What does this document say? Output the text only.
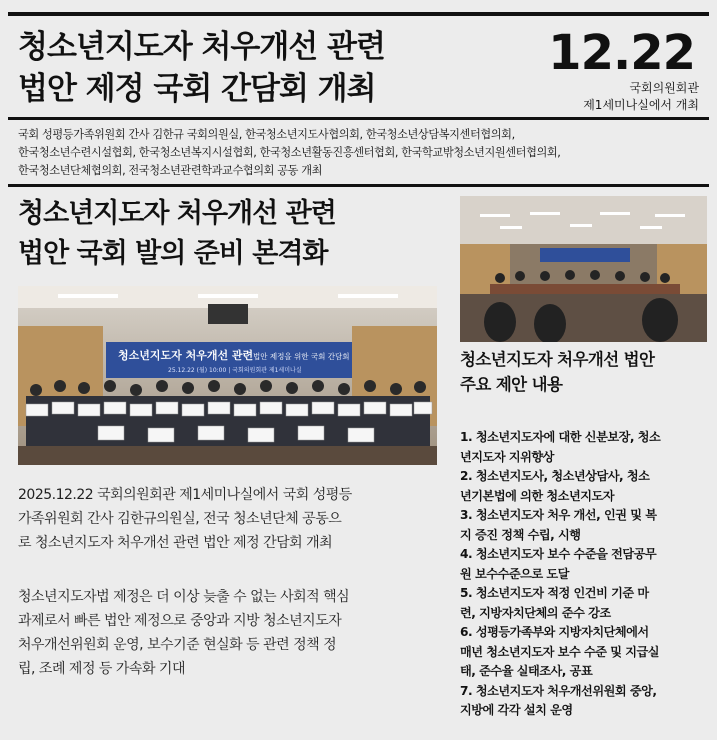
청소년지도자 처우개선 관련
법안 제정 국회 간담회 개최
12.22
국회의원회관
제1세미나실에서 개최
국회 성평등가족위원회 간사 김한규 국회의원실, 한국청소년지도사협의회, 한국청소년상담복지센터협의회,
한국청소년수련시설협회, 한국청소년복지시설협회, 한국청소년활동진흥센터협회, 한국학교밖청소년지원센터협의회,
한국청소년단체협의회, 전국청소년관련학과교수협의회 공동 개최
청소년지도자 처우개선 관련
법안 국회 발의 준비 본격화
청소년지도자 처우개선 관련 법안 제정을 위한 국회 간담회
25.12.22 (월) 10:00 | 국회의원회관 제1세미나실
2025.12.22 국회의원회관 제1세미나실에서 국회 성평등
가족위원회 간사 김한규의원실, 전국 청소년단체 공동으
로 청소년지도자 처우개선 관련 법안 제정 간담회 개최
청소년지도자법 제정은 더 이상 늦출 수 없는 사회적 핵심
과제로서 빠른 법안 제정으로 중앙과 지방 청소년지도자
처우개선위원회 운영, 보수기준 현실화 등 관련 정책 정
립, 조례 제정 등 가속화 기대
청소년지도자 처우개선 법안
주요 제안 내용
1. 청소년지도자에 대한 신분보장, 청소
년지도자 지위향상
2. 청소년지도사, 청소년상담사, 청소
년기본법에 의한 청소년지도자
3. 청소년지도자 처우 개선, 인권 및 복
지 증진 정책 수립, 시행
4. 청소년지도자 보수 수준을 전담공무
원 보수수준으로 도달
5. 청소년지도자 적정 인건비 기준 마
련, 지방자치단체의 준수 강조
6. 성평등가족부와 지방자치단체에서
매년 청소년지도자 보수 수준 및 지급실
태, 준수율 실태조사, 공표
7. 청소년지도자 처우개선위원회 중앙,
지방에 각각 설치 운영
